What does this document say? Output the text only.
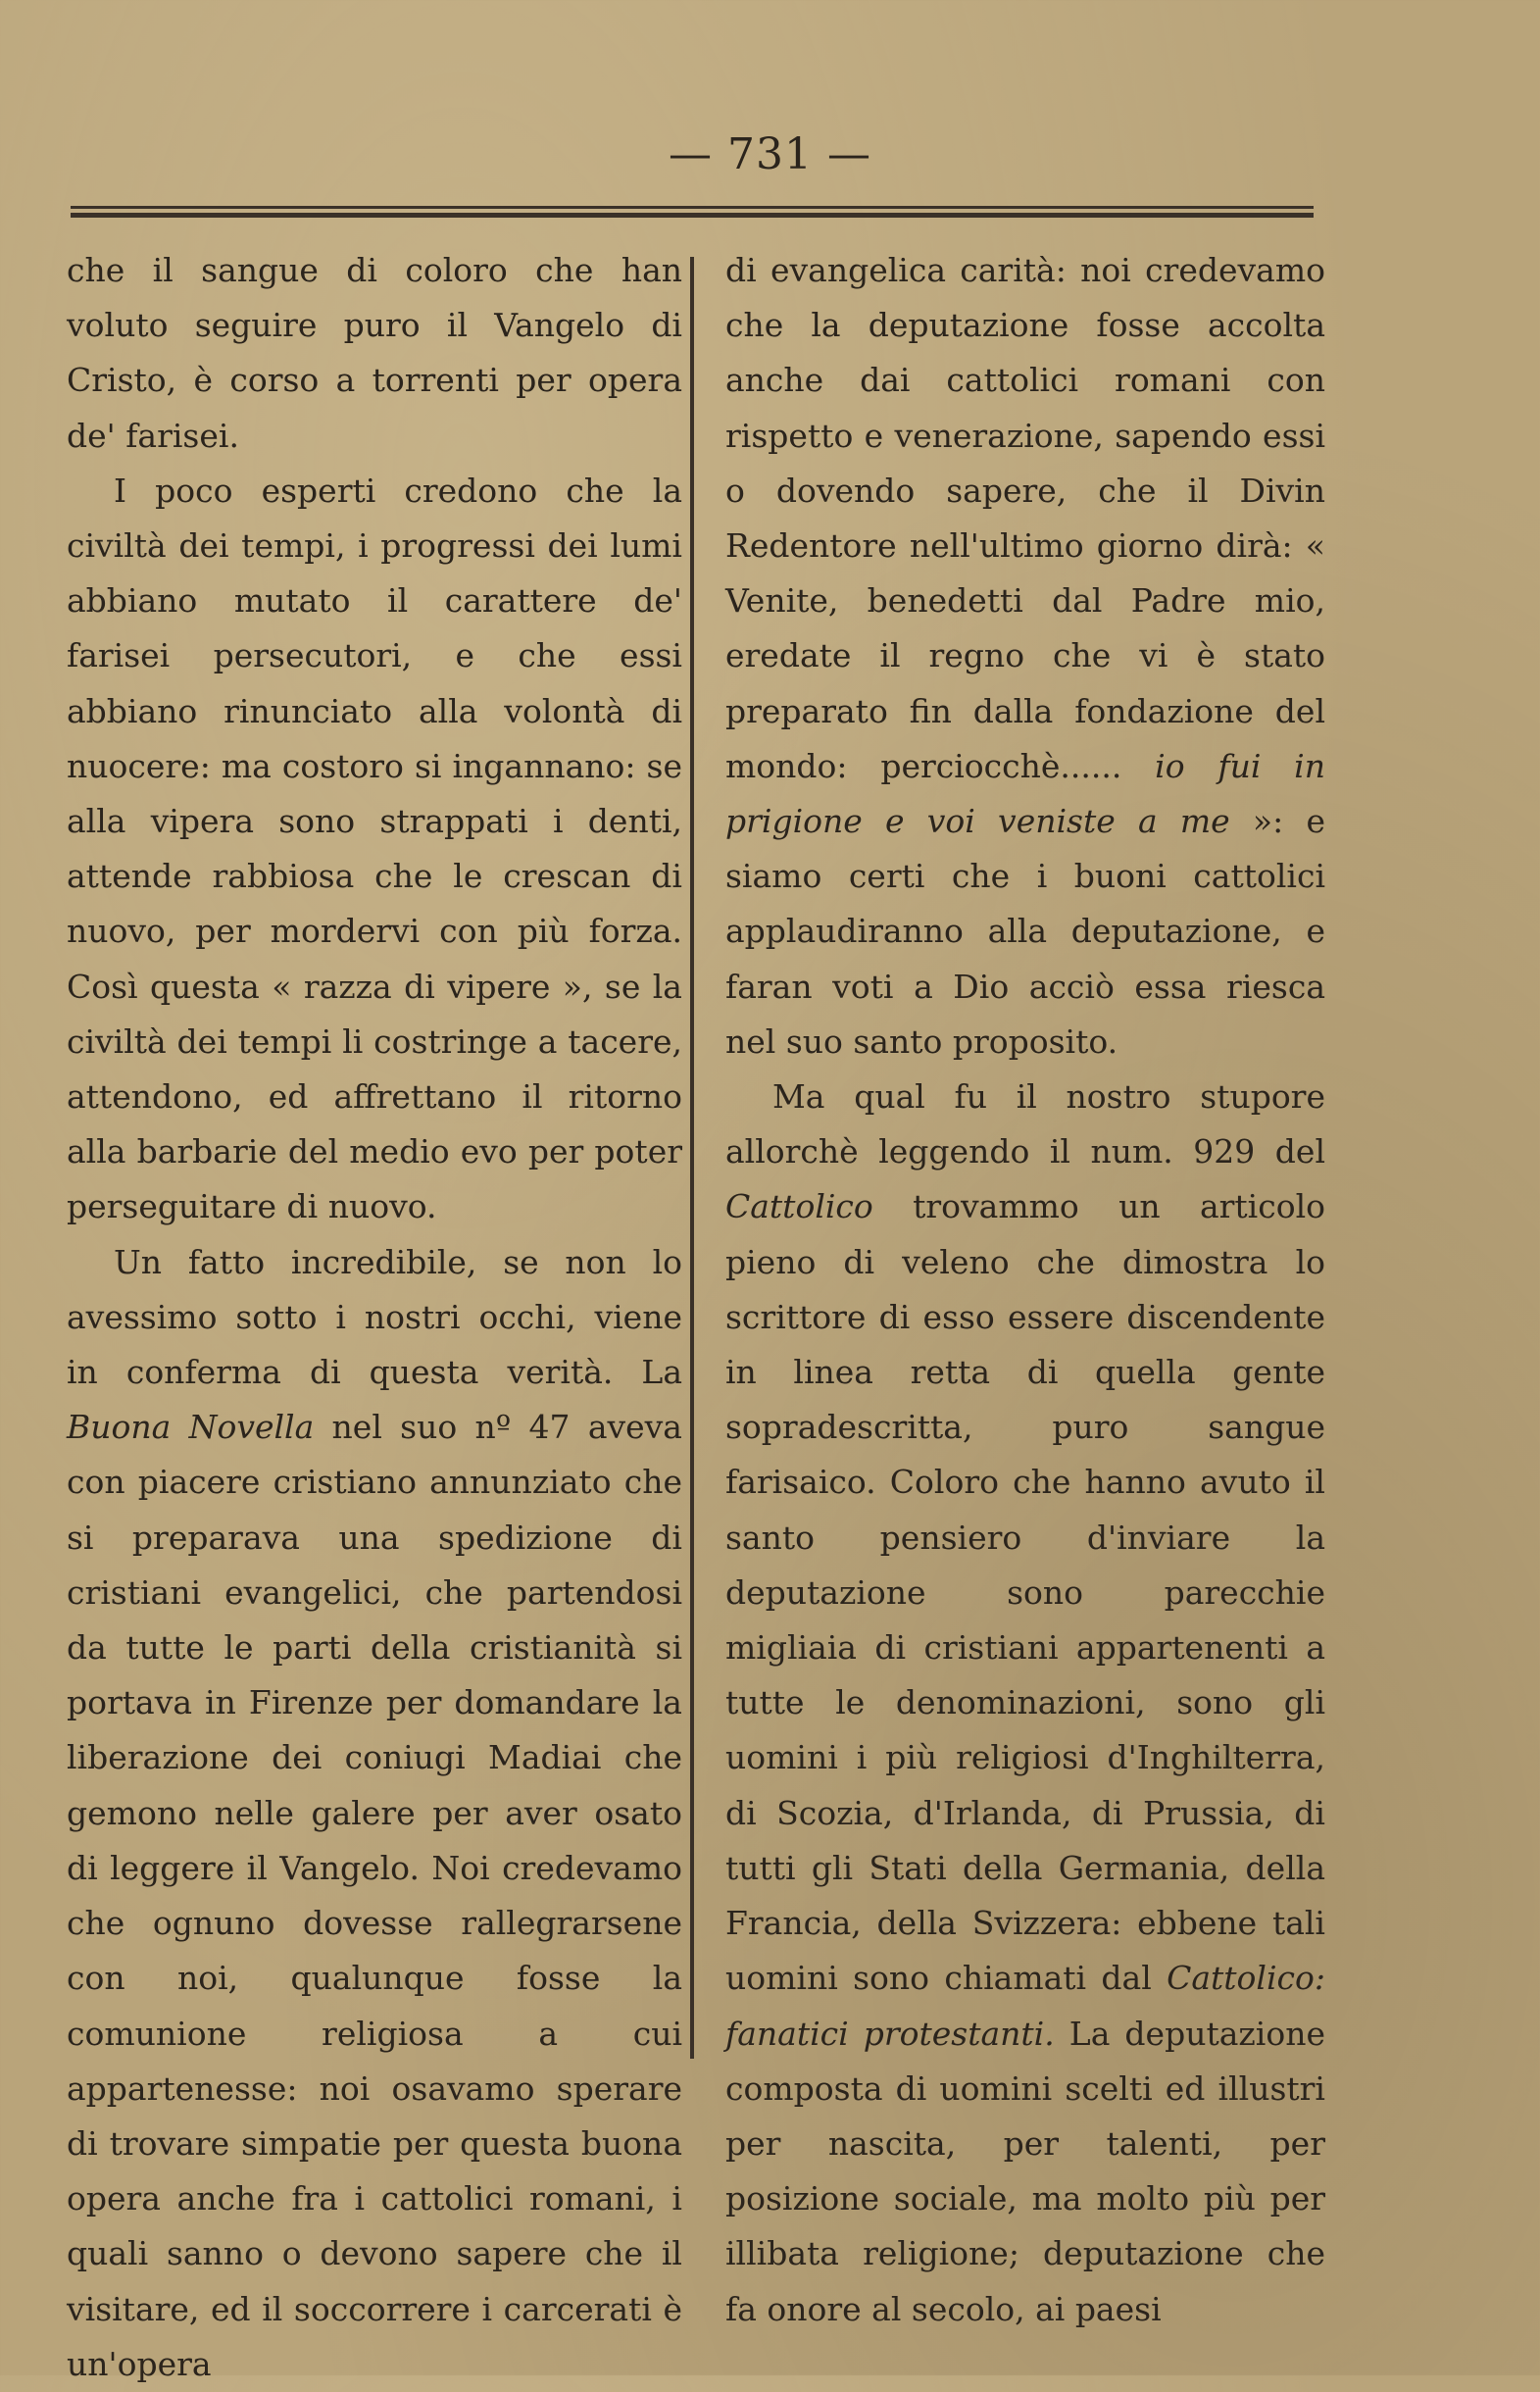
— 731 —

che il sangue di coloro che han voluto seguire puro il Vangelo di Cristo, è corso a torrenti per opera de' farisei.

I poco esperti credono che la civiltà dei tempi, i progressi dei lumi abbiano mutato il carattere de' farisei persecutori, e che essi abbiano rinunciato alla volontà di nuocere: ma costoro si ingannano: se alla vipera sono strappati i denti, attende rabbiosa che le crescan di nuovo, per mordervi con più forza. Così questa « razza di vipere », se la civiltà dei tempi li costringe a tacere, attendono, ed affrettano il ritorno alla barbarie del medio evo per poter perseguitare di nuovo.

Un fatto incredibile, se non lo avessimo sotto i nostri occhi, viene in conferma di questa verità. La Buona Novella nel suo nº 47 aveva con piacere cristiano annunziato che si preparava una spedizione di cristiani evangelici, che partendosi da tutte le parti della cristianità si portava in Firenze per domandare la liberazione dei coniugi Madiai che gemono nelle galere per aver osato di leggere il Vangelo. Noi credevamo che ognuno dovesse rallegrarsene con noi, qualunque fosse la comunione religiosa a cui appartenesse: noi osavamo sperare di trovare simpatie per questa buona opera anche fra i cattolici romani, i quali sanno o devono sapere che il visitare, ed il soccorrere i carcerati è un'opera

di evangelica carità: noi credevamo che la deputazione fosse accolta anche dai cattolici romani con rispetto e venerazione, sapendo essi o dovendo sapere, che il Divin Redentore nell'ultimo giorno dirà: « Venite, benedetti dal Padre mio, eredate il regno che vi è stato preparato fin dalla fondazione del mondo: perciocchè...... io fui in prigione e voi veniste a me »: e siamo certi che i buoni cattolici applaudiranno alla deputazione, e faran voti a Dio acciò essa riesca nel suo santo proposito.

Ma qual fu il nostro stupore allorchè leggendo il num. 929 del Cattolico trovammo un articolo pieno di veleno che dimostra lo scrittore di esso essere discendente in linea retta di quella gente sopradescritta, puro sangue farisaico. Coloro che hanno avuto il santo pensiero d'inviare la deputazione sono parecchie migliaia di cristiani appartenenti a tutte le denominazioni, sono gli uomini i più religiosi d'Inghilterra, di Scozia, d'Irlanda, di Prussia, di tutti gli Stati della Germania, della Francia, della Svizzera: ebbene tali uomini sono chiamati dal Cattolico: fanatici protestanti. La deputazione composta di uomini scelti ed illustri per nascita, per talenti, per posizione sociale, ma molto più per illibata religione; deputazione che fa onore al secolo, ai paesi
